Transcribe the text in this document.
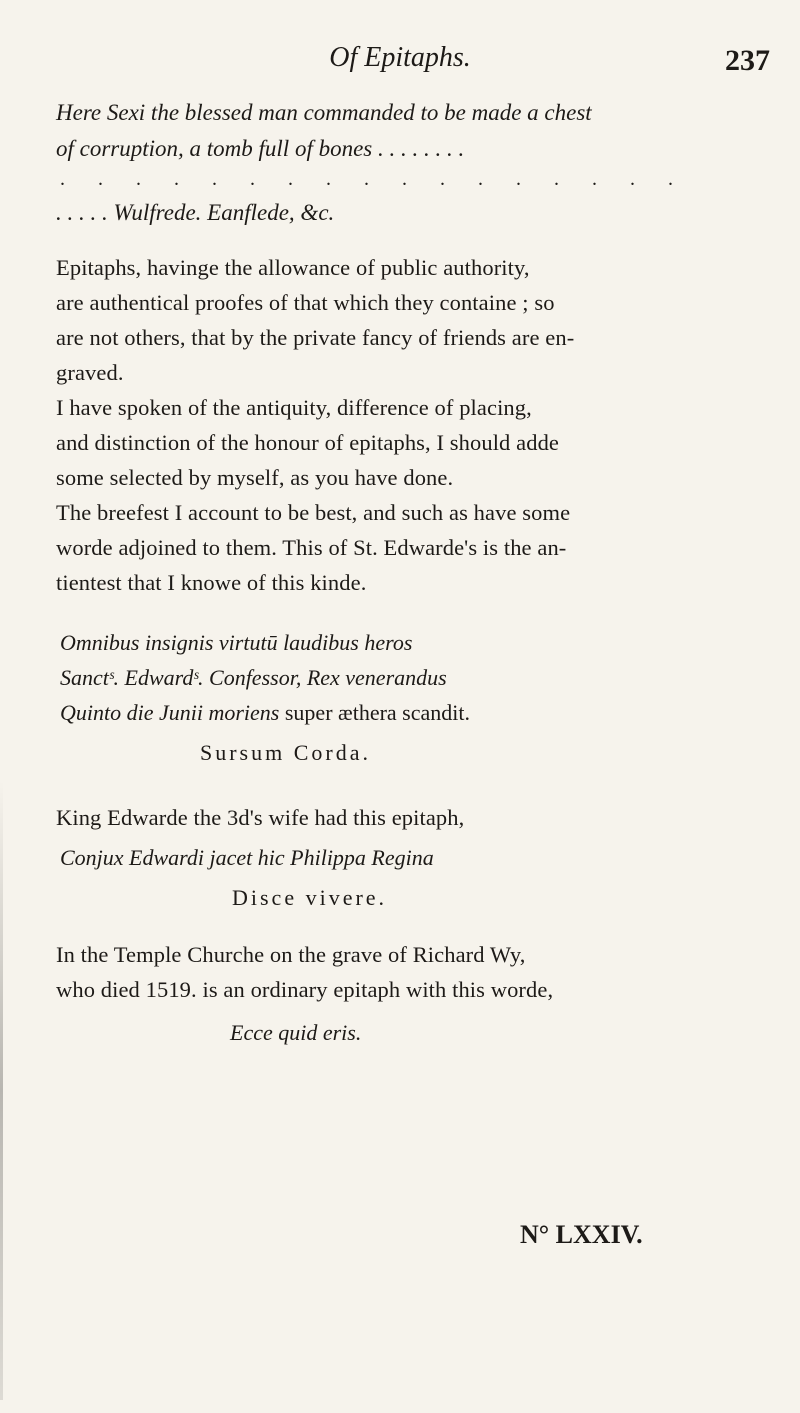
Of Epitaphs.	237
Here Sexi the blessed man commanded to be made a chest
of corruption, a tomb full of bones . . . . . . . .
. . . . . . . . . . . . . . . . .
. . . . . Wulfrede. Eanflede, &c.
Epitaphs, havinge the allowance of public authority,
are authentical proofes of that which they containe ; so
are not others, that by the private fancy of friends are en-
graved.
I have spoken of the antiquity, difference of placing,
and distinction of the honour of epitaphs, I should adde
some selected by myself, as you have done.
The breefest I account to be best, and such as have some
worde adjoined to them. This of St. Edwarde's is the an-
tientest that I knowe of this kinde.
Omnibus insignis virtutū laudibus heros
Sanctˢ. Edwardˢ. Confessor, Rex venerandus
Quinto die Junii moriens super æthera scandit.
Sursum Corda.
King Edwarde the 3d's wife had this epitaph,
Conjux Edwardi jacet hic Philippa Regina
Disce vivere.
In the Temple Churche on the grave of Richard Wy,
who died 1519. is an ordinary epitaph with this worde,
Ecce quid eris.
N° LXXIV.
